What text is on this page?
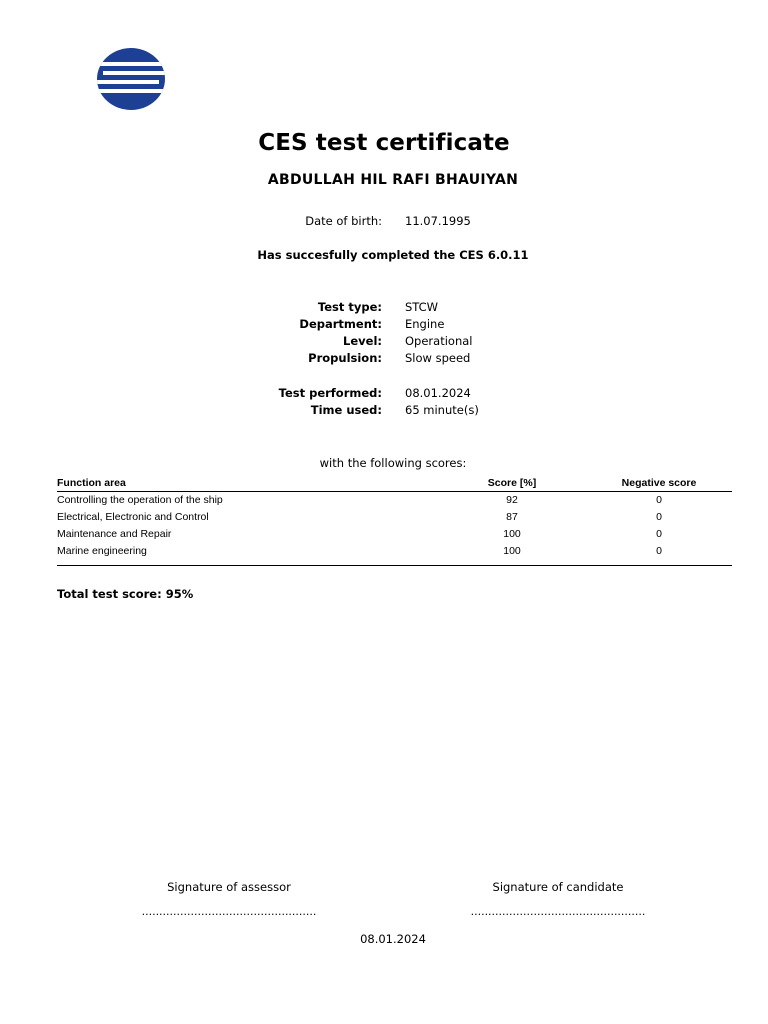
CES test certificate
ABDULLAH HIL RAFI BHAUIYAN
Date of birth: 11.07.1995
Has succesfully completed the CES 6.0.11
Test type: STCW
Department: Engine
Level: Operational
Propulsion: Slow speed
Test performed: 08.01.2024
Time used: 65 minute(s)
with the following scores:
Function area	Score [%]	Negative score
Controlling the operation of the ship	92	0
Electrical, Electronic and Control	87	0
Maintenance and Repair	100	0
Marine engineering	100	0
Total test score: 95%
Signature of assessor	Signature of candidate
..................................................	..................................................
08.01.2024
